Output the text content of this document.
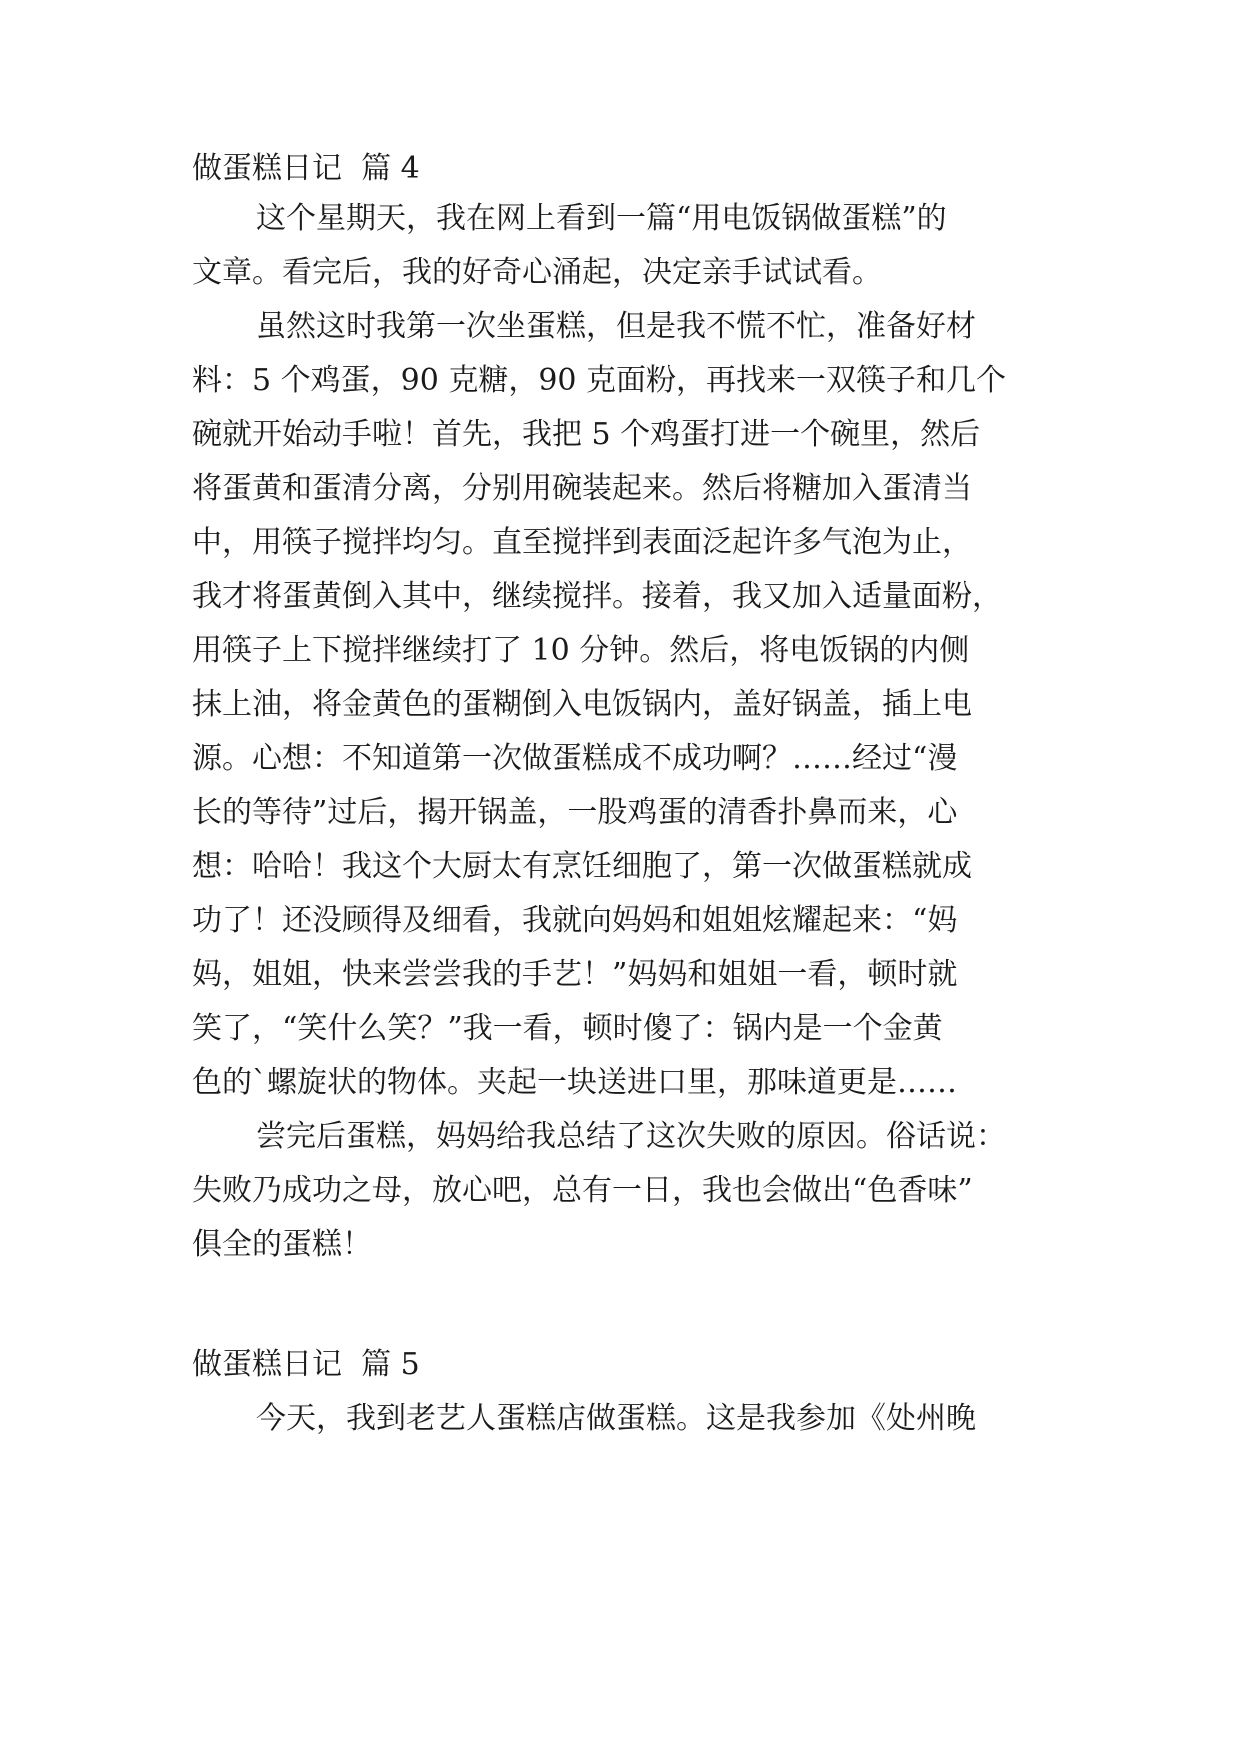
做蛋糕日记  篇 4
这个星期天，我在网上看到一篇“用电饭锅做蛋糕”的
文章。看完后，我的好奇心涌起，决定亲手试试看。
虽然这时我第一次坐蛋糕，但是我不慌不忙，准备好材
料：5 个鸡蛋，90 克糖，90 克面粉，再找来一双筷子和几个
碗就开始动手啦！首先，我把 5 个鸡蛋打进一个碗里，然后
将蛋黄和蛋清分离，分别用碗装起来。然后将糖加入蛋清当
中，用筷子搅拌均匀。直至搅拌到表面泛起许多气泡为止，
我才将蛋黄倒入其中，继续搅拌。接着，我又加入适量面粉，
用筷子上下搅拌继续打了 10 分钟。然后，将电饭锅的内侧
抹上油，将金黄色的蛋糊倒入电饭锅内，盖好锅盖，插上电
源。心想：不知道第一次做蛋糕成不成功啊？……经过“漫
长的等待”过后，揭开锅盖，一股鸡蛋的清香扑鼻而来，心
想：哈哈！我这个大厨太有烹饪细胞了，第一次做蛋糕就成
功了！还没顾得及细看，我就向妈妈和姐姐炫耀起来：“妈
妈，姐姐，快来尝尝我的手艺！”妈妈和姐姐一看，顿时就
笑了，“笑什么笑？”我一看，顿时傻了：锅内是一个金黄
色的`螺旋状的物体。夹起一块送进口里，那味道更是……
尝完后蛋糕，妈妈给我总结了这次失败的原因。俗话说：
失败乃成功之母，放心吧，总有一日，我也会做出“色香味”
俱全的蛋糕！
做蛋糕日记  篇 5
今天，我到老艺人蛋糕店做蛋糕。这是我参加《处州晚
